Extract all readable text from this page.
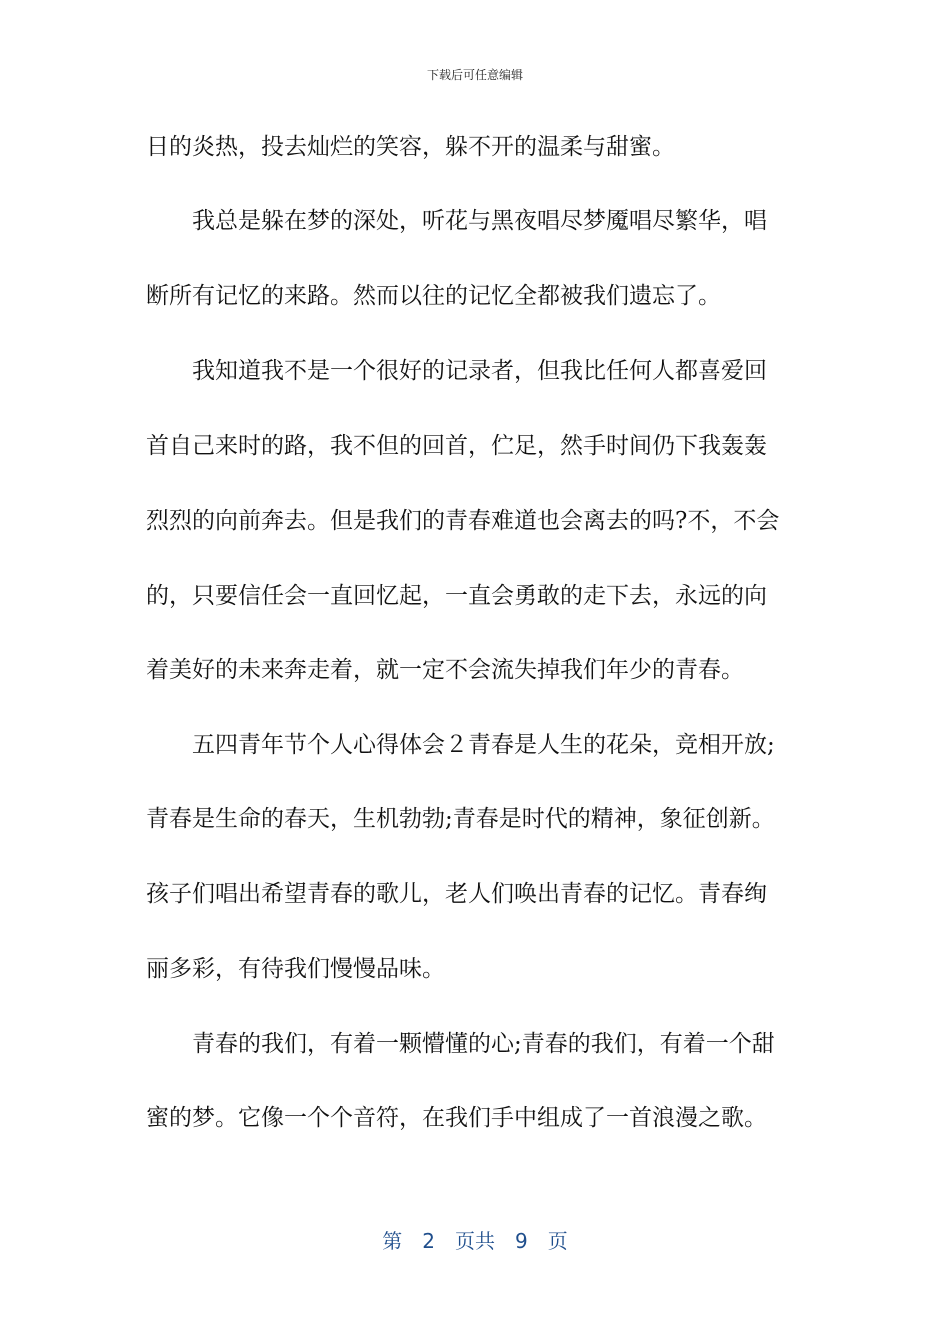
下载后可任意编辑
日的炎热，投去灿烂的笑容，躲不开的温柔与甜蜜。
　　我总是躲在梦的深处，听花与黑夜唱尽梦魇唱尽繁华，唱
断所有记忆的来路。然而以往的记忆全都被我们遗忘了。
　　我知道我不是一个很好的记录者，但我比任何人都喜爱回
首自己来时的路，我不但的回首，伫足，然手时间仍下我轰轰
烈烈的向前奔去。但是我们的青春难道也会离去的吗?不，不会
的，只要信任会一直回忆起，一直会勇敢的走下去，永远的向
着美好的未来奔走着，就一定不会流失掉我们年少的青春。
　　五四青年节个人心得体会２青春是人生的花朵，竞相开放;
青春是生命的春天，生机勃勃;青春是时代的精神，象征创新。
孩子们唱出希望青春的歌儿，老人们唤出青春的记忆。青春绚
丽多彩，有待我们慢慢品味。
　　青春的我们，有着一颗懵懂的心;青春的我们，有着一个甜
蜜的梦。它像一个个音符，在我们手中组成了一首浪漫之歌。
第　2　页共　9　页
